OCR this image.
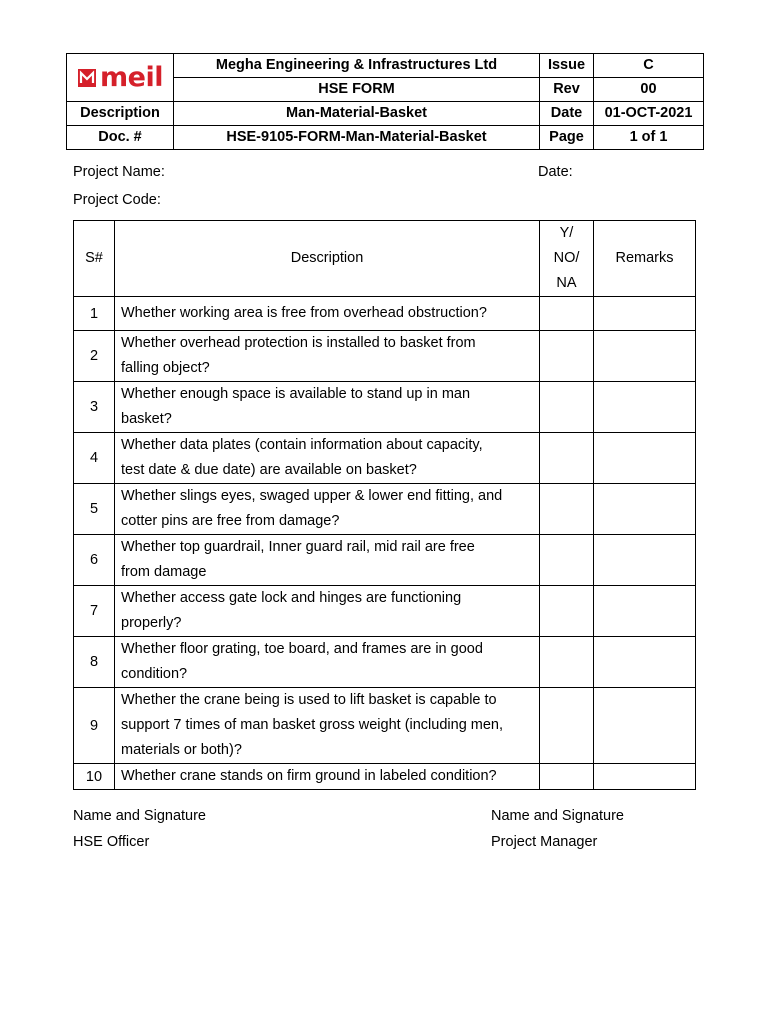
meil	Megha Engineering & Infrastructures Ltd	Issue	C
	HSE FORM	Rev	00
Description	Man-Material-Basket	Date	01-OCT-2021
Doc. #	HSE-9105-FORM-Man-Material-Basket	Page	1 of 1
Project Name:	Date:
Project Code:
S#	Description	Y/
NO/
NA	Remarks
1	Whether working area is free from overhead obstruction?		

2	Whether overhead protection is installed to basket from
falling object?		

3	Whether enough space is available to stand up in man
basket?		

4	Whether data plates (contain information about capacity,
test date & due date) are available on basket?		

5	Whether slings eyes, swaged upper & lower end fitting, and
cotter pins are free from damage?		

6	Whether top guardrail, Inner guard rail, mid rail are free
from damage		

7	Whether access gate lock and hinges are functioning
properly?		

8	Whether floor grating, toe board, and frames are in good
condition?		

9	Whether the crane being is used to lift basket is capable to
support 7 times of man basket gross weight (including men,
materials or both)?		

10	Whether crane stands on firm ground in labeled condition?		

Name and Signature
HSE Officer
Name and Signature
Project Manager
